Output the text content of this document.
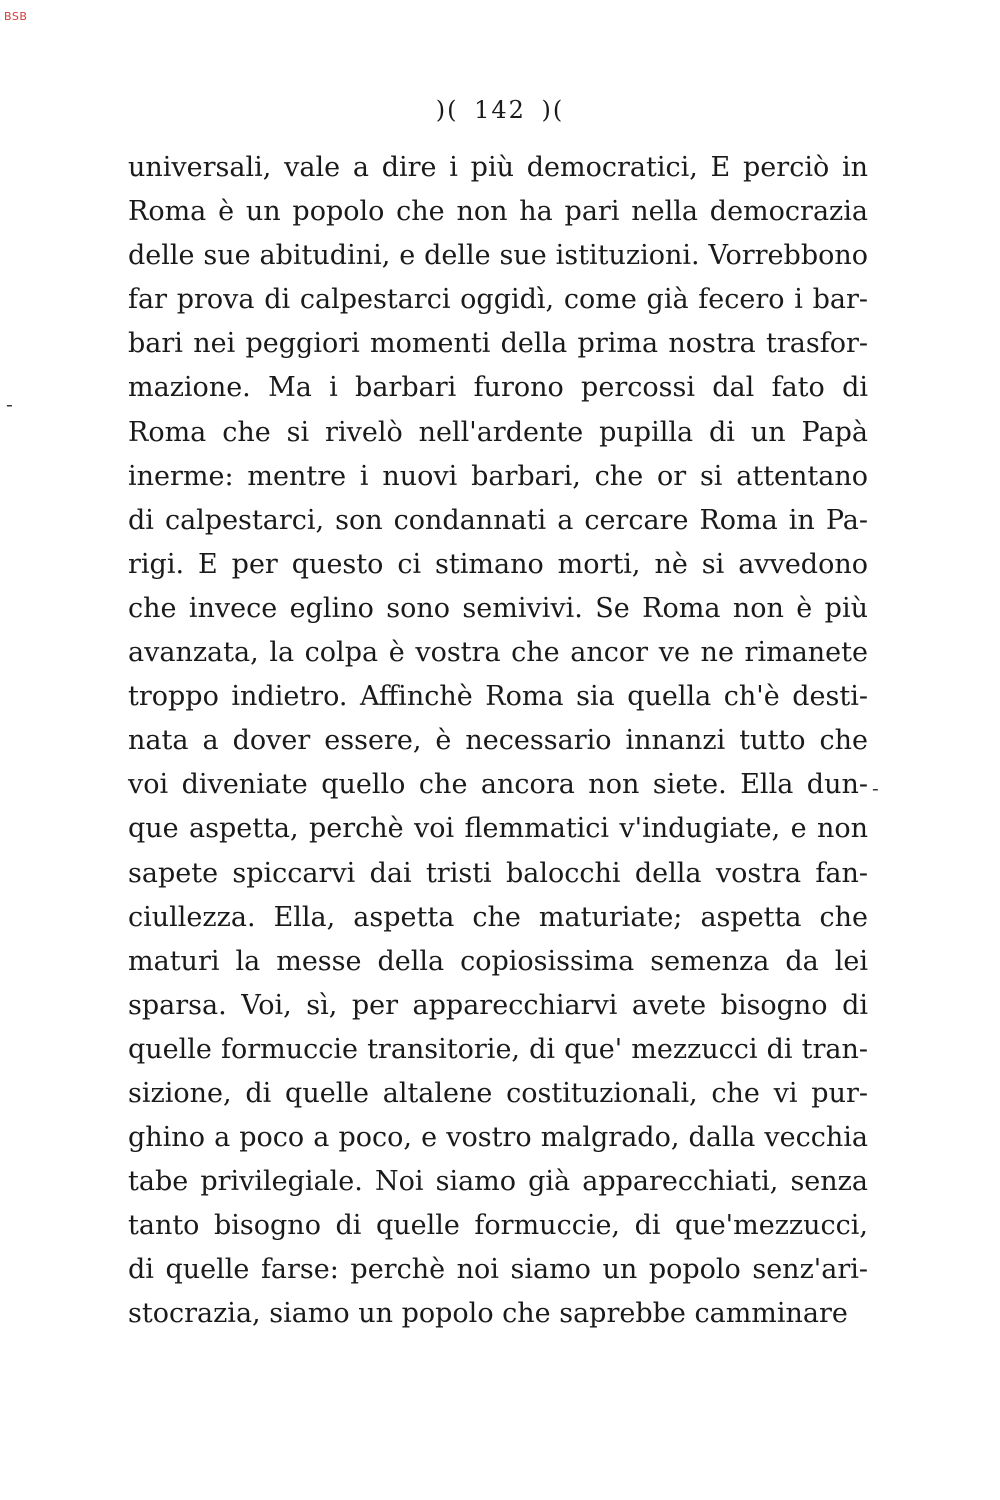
BSB
)( 142 )(
universali, vale a dire i più democratici, E perciò in
Roma è un popolo che non ha pari nella democrazia
delle sue abitudini, e delle sue istituzioni. Vorrebbono
far prova di calpestarci oggidì, come già fecero i bar-
bari nei peggiori momenti della prima nostra trasfor-
mazione. Ma i barbari furono percossi dal fato di
Roma che si rivelò nell'ardente pupilla di un Papà
inerme: mentre i nuovi barbari, che or si attentano
di calpestarci, son condannati a cercare Roma in Pa-
rigi. E per questo ci stimano morti, nè si avvedono
che invece eglino sono semivivi. Se Roma non è più
avanzata, la colpa è vostra che ancor ve ne rimanete
troppo indietro. Affinchè Roma sia quella ch'è desti-
nata a dover essere, è necessario innanzi tutto che
voi diveniate quello che ancora non siete. Ella dun-
que aspetta, perchè voi flemmatici v'indugiate, e non
sapete spiccarvi dai tristi balocchi della vostra fan-
ciullezza. Ella, aspetta che maturiate; aspetta che
maturi la messe della copiosissima semenza da lei
sparsa. Voi, sì, per apparecchiarvi avete bisogno di
quelle formuccie transitorie, di que' mezzucci di tran-
sizione, di quelle altalene costituzionali, che vi pur-
ghino a poco a poco, e vostro malgrado, dalla vecchia
tabe privilegiale. Noi siamo già apparecchiati, senza
tanto bisogno di quelle formuccie, di que'mezzucci,
di quelle farse: perchè noi siamo un popolo senz'ari-
stocrazia, siamo un popolo che saprebbe camminare
-
-
